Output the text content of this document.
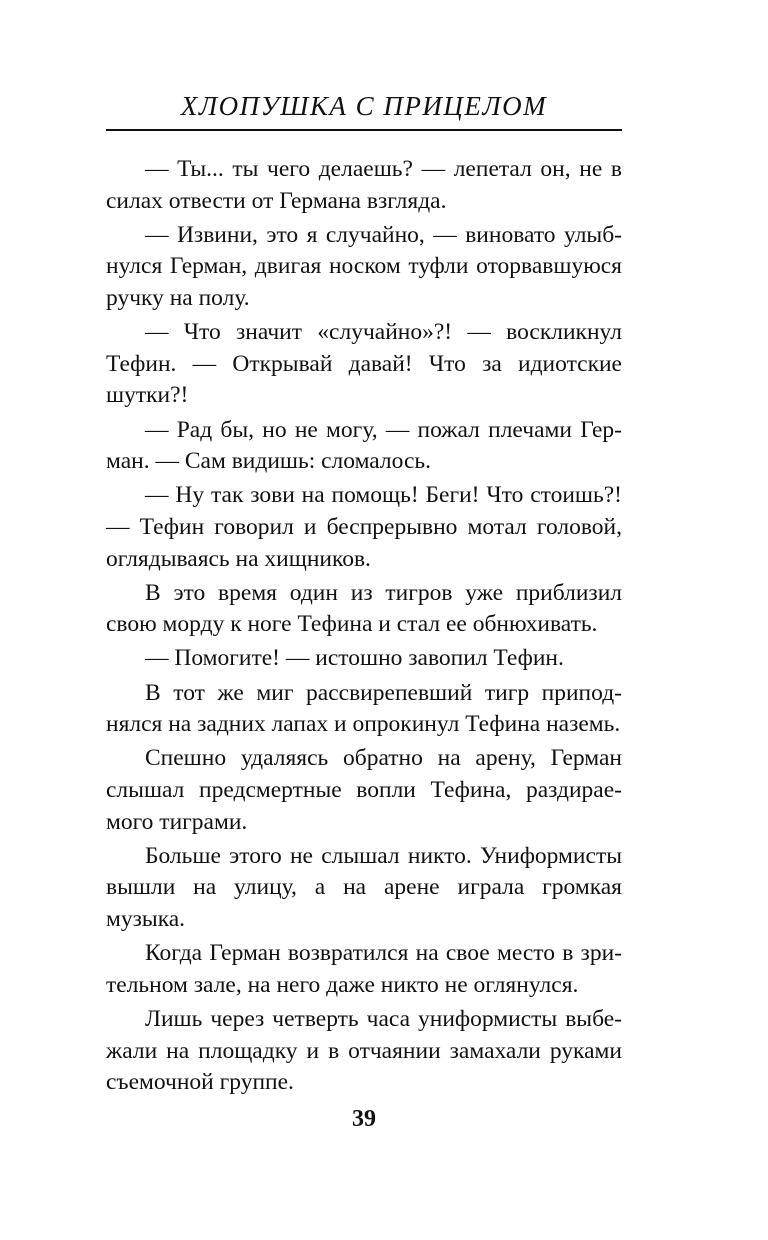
ХЛОПУШКА С ПРИЦЕЛОМ

— Ты... ты чего делаешь? — лепетал он, не в силах отвести от Германа взгляда.

— Извини, это я случайно, — виновато улыбнулся Герман, двигая носком туфли оторвавшуюся ручку на полу.

— Что значит «случайно»?! — воскликнул Тефин. — Открывай давай! Что за идиотские шутки?!

— Рад бы, но не могу, — пожал плечами Герман. — Сам видишь: сломалось.

— Ну так зови на помощь! Беги! Что стоишь?! — Тефин говорил и беспрерывно мотал головой, оглядываясь на хищников.

В это время один из тигров уже приблизил свою морду к ноге Тефина и стал ее обнюхивать.

— Помогите! — истошно завопил Тефин.

В тот же миг рассвирепевший тигр приподнялся на задних лапах и опрокинул Тефина наземь.

Спешно удаляясь обратно на арену, Герман слышал предсмертные вопли Тефина, раздираемого тиграми.

Больше этого не слышал никто. Униформисты вышли на улицу, а на арене играла громкая музыка.

Когда Герман возвратился на свое место в зрительном зале, на него даже никто не оглянулся.

Лишь через четверть часа униформисты выбежали на площадку и в отчаянии замахали руками съемочной группе.

39
